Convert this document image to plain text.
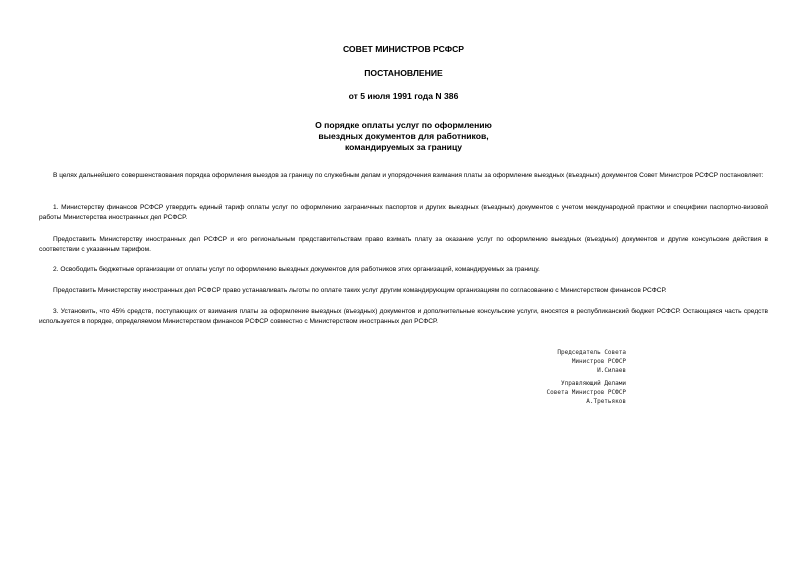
СОВЕТ МИНИСТРОВ РСФСР
ПОСТАНОВЛЕНИЕ
от 5 июля 1991 года N 386
О порядке оплаты услуг по оформлению
выездных документов для работников,
командируемых за границу

В целях дальнейшего совершенствования порядка оформления выездов за границу по служебным делам и упорядочения взимания платы за оформление выездных (въездных) документов Совет Министров РСФСР постановляет:

1. Министерству финансов РСФСР утвердить единый тариф оплаты услуг по оформлению заграничных паспортов и других выездных (въездных) документов с учетом международной практики и специфики паспортно-визовой работы Министерства иностранных дел РСФСР.

Предоставить Министерству иностранных дел РСФСР и его региональным представительствам право взимать плату за оказание услуг по оформлению выездных (въездных) документов и другие консульские действия в соответствии с указанным тарифом.

2. Освободить бюджетные организации от оплаты услуг по оформлению выездных документов для работников этих организаций, командируемых за границу.

Предоставить Министерству иностранных дел РСФСР право устанавливать льготы по оплате таких услуг другим командирующим организациям по согласованию с Министерством финансов РСФСР.

3. Установить, что 45% средств, поступающих от взимания платы за оформление выездных (въездных) документов и дополнительные консульские услуги, вносятся в республиканский бюджет РСФСР. Остающаяся часть средств используется в порядке, определяемом Министерством финансов РСФСР совместно с Министерством иностранных дел РСФСР.

Председатель Совета
Министров РСФСР
И.Силаев
Управляющий Делами
Совета Министров РСФСР
А.Третьяков
